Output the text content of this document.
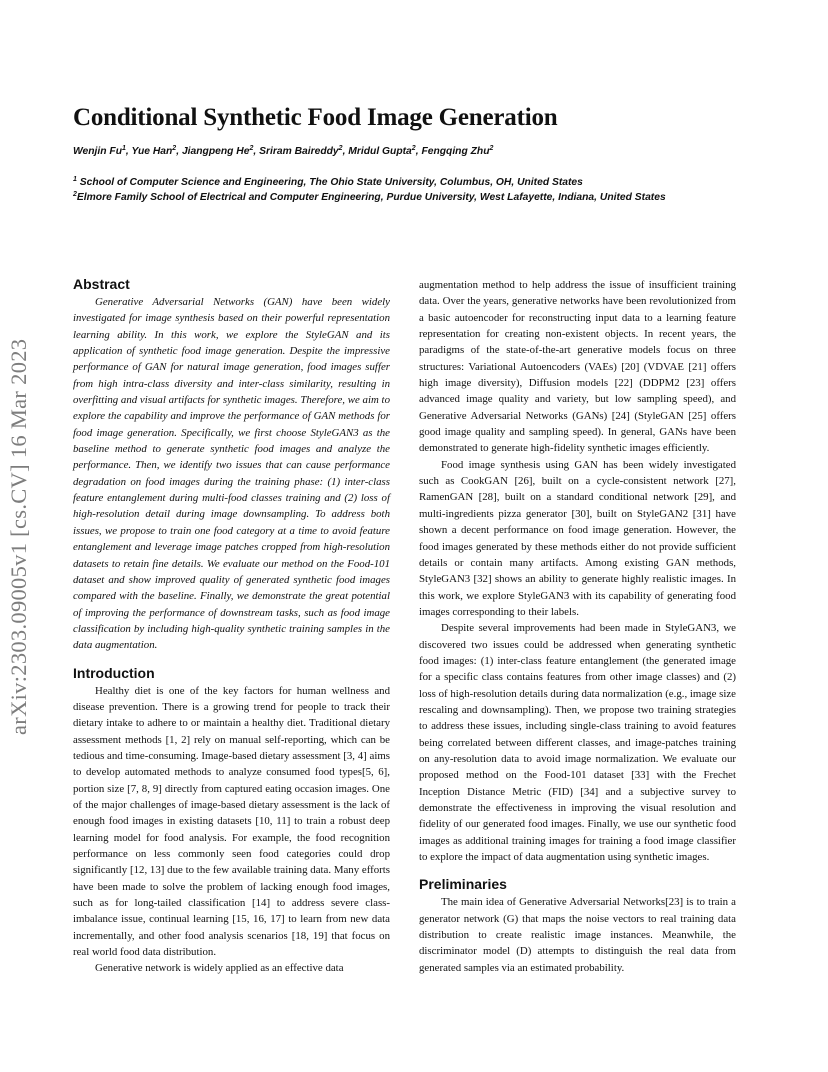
arXiv:2303.09005v1 [cs.CV] 16 Mar 2023
Conditional Synthetic Food Image Generation
Wenjin Fu$^1$, Yue Han$^2$, Jiangpeng He$^2$, Sriram Baireddy$^2$, Mridul Gupta$^2$, Fengqing Zhu$^2$
$^1$ School of Computer Science and Engineering, The Ohio State University, Columbus, OH, United States
$^2$Elmore Family School of Electrical and Computer Engineering, Purdue University, West Lafayette, Indiana, United States
Abstract

Generative Adversarial Networks (GAN) have been widely investigated for image synthesis based on their powerful representation learning ability. In this work, we explore the StyleGAN and its application of synthetic food image generation. Despite the impressive performance of GAN for natural image generation, food images suffer from high intra-class diversity and inter-class similarity, resulting in overfitting and visual artifacts for synthetic images. Therefore, we aim to explore the capability and improve the performance of GAN methods for food image generation. Specifically, we first choose StyleGAN3 as the baseline method to generate synthetic food images and analyze the performance. Then, we identify two issues that can cause performance degradation on food images during the training phase: (1) inter-class feature entanglement during multi-food classes training and (2) loss of high-resolution detail during image downsampling. To address both issues, we propose to train one food category at a time to avoid feature entanglement and leverage image patches cropped from high-resolution datasets to retain fine details. We evaluate our method on the Food-101 dataset and show improved quality of generated synthetic food images compared with the baseline. Finally, we demonstrate the great potential of improving the performance of downstream tasks, such as food image classification by including high-quality synthetic training samples in the data augmentation.

Introduction

Healthy diet is one of the key factors for human wellness and disease prevention. There is a growing trend for people to track their dietary intake to adhere to or maintain a healthy diet. Traditional dietary assessment methods [1, 2] rely on manual self-reporting, which can be tedious and time-consuming. Image-based dietary assessment [3, 4] aims to develop automated methods to analyze consumed food types[5, 6], portion size [7, 8, 9] directly from captured eating occasion images. One of the major challenges of image-based dietary assessment is the lack of enough food images in existing datasets [10, 11] to train a robust deep learning model for food analysis. For example, the food recognition performance on less commonly seen food categories could drop significantly [12, 13] due to the few available training data. Many efforts have been made to solve the problem of lacking enough food images, such as for long-tailed classification [14] to address severe class-imbalance issue, continual learning [15, 16, 17] to learn from new data incrementally, and other food analysis scenarios [18, 19] that focus on real world food data distribution.

Generative network is widely applied as an effective data

augmentation method to help address the issue of insufficient training data. Over the years, generative networks have been revolutionized from a basic autoencoder for reconstructing input data to a learning feature representation for creating non-existent objects. In recent years, the paradigms of the state-of-the-art generative models focus on three structures: Variational Autoencoders (VAEs) [20] (VDVAE [21] offers high image diversity), Diffusion models [22] (DDPM2 [23] offers advanced image quality and variety, but low sampling speed), and Generative Adversarial Networks (GANs) [24] (StyleGAN [25] offers good image quality and sampling speed). In general, GANs have been demonstrated to generate high-fidelity synthetic images efficiently.

Food image synthesis using GAN has been widely investigated such as CookGAN [26], built on a cycle-consistent network [27], RamenGAN [28], built on a standard conditional network [29], and multi-ingredients pizza generator [30], built on StyleGAN2 [31] have shown a decent performance on food image generation. However, the food images generated by these methods either do not provide sufficient details or contain many artifacts. Among existing GAN methods, StyleGAN3 [32] shows an ability to generate highly realistic images. In this work, we explore StyleGAN3 with its capability of generating food images corresponding to their labels.

Despite several improvements had been made in StyleGAN3, we discovered two issues could be addressed when generating synthetic food images: (1) inter-class feature entanglement (the generated image for a specific class contains features from other image classes) and (2) loss of high-resolution details during data normalization (e.g., image size rescaling and downsampling). Then, we propose two training strategies to address these issues, including single-class training to avoid features being correlated between different classes, and image-patches training on any-resolution data to avoid image normalization. We evaluate our proposed method on the Food-101 dataset [33] with the Frechet Inception Distance Metric (FID) [34] and a subjective survey to demonstrate the effectiveness in improving the visual resolution and fidelity of our generated food images. Finally, we use our synthetic food images as additional training images for training a food image classifier to explore the impact of data augmentation using synthetic images.

Preliminaries

The main idea of Generative Adversarial Networks[23] is to train a generator network (G) that maps the noise vectors to real training data distribution to create realistic image instances. Meanwhile, the discriminator model (D) attempts to distinguish the real data from generated samples via an estimated probability.
